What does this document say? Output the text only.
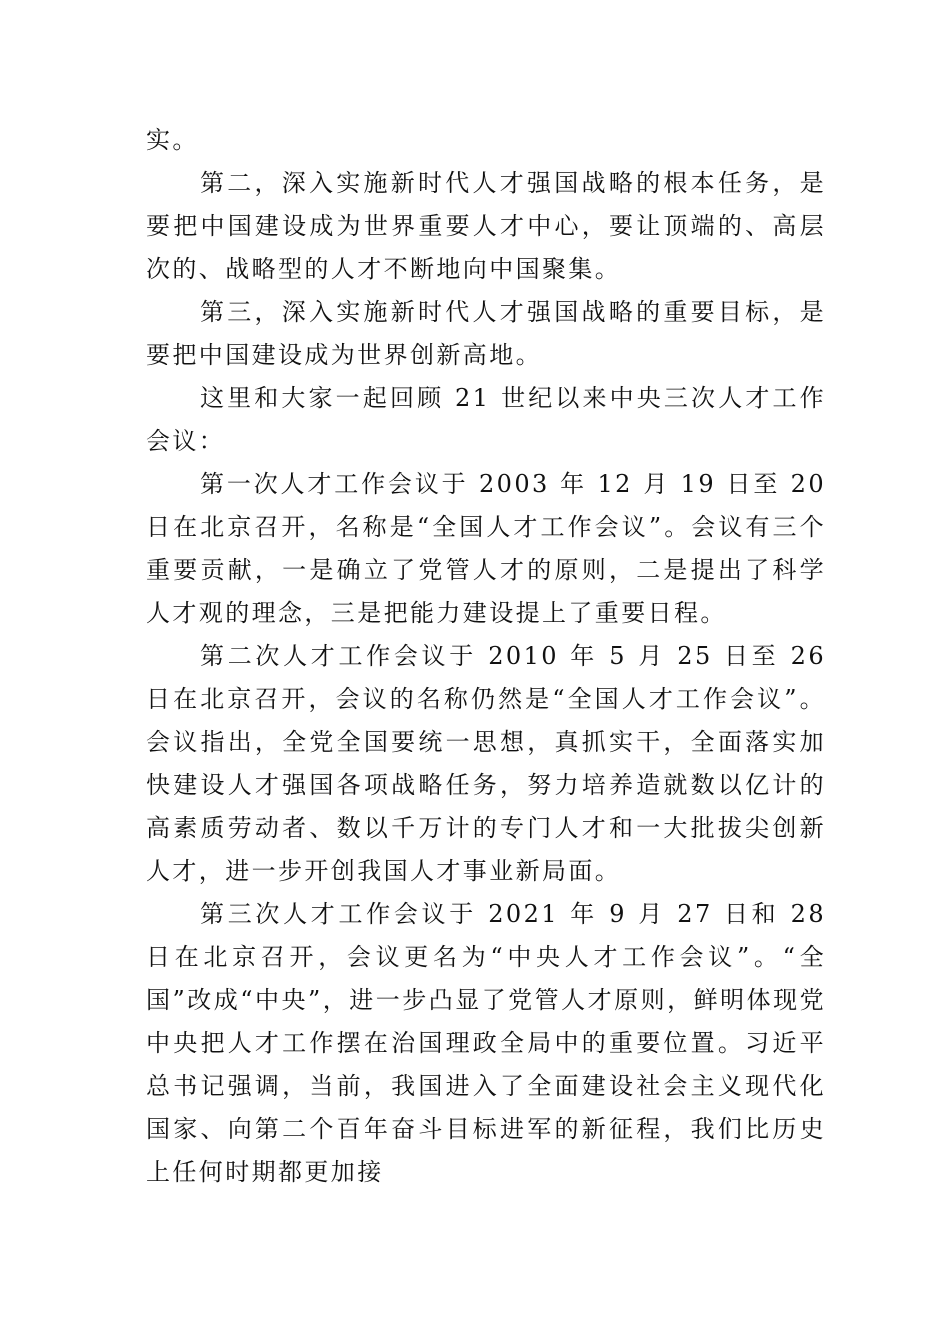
实。

第二，深入实施新时代人才强国战略的根本任务，是要把中国建设成为世界重要人才中心，要让顶端的、高层次的、战略型的人才不断地向中国聚集。

第三，深入实施新时代人才强国战略的重要目标，是要把中国建设成为世界创新高地。

这里和大家一起回顾 21 世纪以来中央三次人才工作会议：

第一次人才工作会议于 2003 年 12 月 19 日至 20 日在北京召开，名称是“全国人才工作会议”。会议有三个重要贡献，一是确立了党管人才的原则，二是提出了科学人才观的理念，三是把能力建设提上了重要日程。

第二次人才工作会议于 2010 年 5 月 25 日至 26 日在北京召开，会议的名称仍然是“全国人才工作会议”。会议指出，全党全国要统一思想，真抓实干，全面落实加快建设人才强国各项战略任务，努力培养造就数以亿计的高素质劳动者、数以千万计的专门人才和一大批拔尖创新人才，进一步开创我国人才事业新局面。

第三次人才工作会议于 2021 年 9 月 27 日和 28 日在北京召开，会议更名为“中央人才工作会议”。“全国”改成“中央”，进一步凸显了党管人才原则，鲜明体现党中央把人才工作摆在治国理政全局中的重要位置。习近平总书记强调，当前，我国进入了全面建设社会主义现代化国家、向第二个百年奋斗目标进军的新征程，我们比历史上任何时期都更加接
